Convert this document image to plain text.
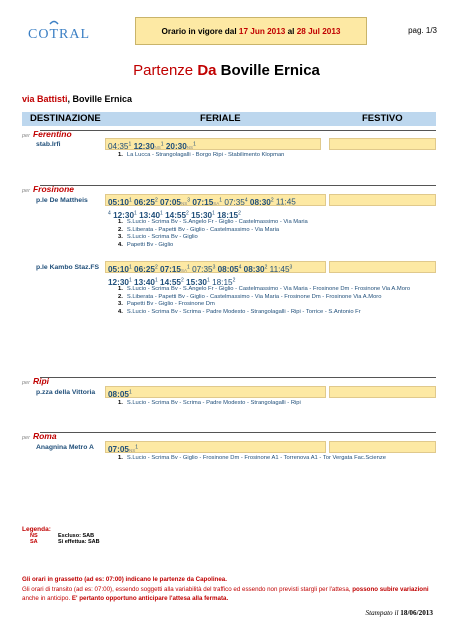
COTRAL	Orario in vigore dal
17 Jun 2013
al
28 Jul 2013	pag. 1/3
Partenze Da Boville Ernica
via Battisti, Boville Ernica
DESTINAZIONE	FERIALE	FESTIVO
per Ferentino
stab.Irfi	$04:35^1$ $12:30NS^1$ $20:30NS^1$
1. La Lucca - Strangolagalli - Borgo Ripi - Stabilimento Klopman
per Frosinone
p.le De Mattheis $05:10^1$ $06:25^2$ $07:05NS^3$ $07:15SA^1$ $07:35^4$ $08:30^2$ 11:45
$^4$ $12:30^1$ $13:40^1$ $14:55^2$ $15:30^1$ $18:15^2$
1. S.Lucio - Scrima Bv - S.Angelo Fr - Giglio - Castelmassimo - Via Maria
2. S.Liberata - Papetti Bv - Giglio - Castelmassimo - Via Maria
3. S.Lucio - Scrima Bv - Giglio
4. Papetti Bv - Giglio
p.le Kambo Staz.FS $05:10^1$ $06:25^2$ $07:15SA^1$ $07:35^3$ $08:05^4$ $08:30^2$ $11:45^3$
$12:30^1$ $13:40^1$ $14:55^2$ $15:30^1$ $18:15^2$
1. S.Lucio - Scrima Bv - S.Angelo Fr - Giglio - Castelmassimo - Via Maria - Frosinone Dm - Frosinone Via A.Moro
2. S.Liberata - Papetti Bv - Giglio - Castelmassimo - Via Maria - Frosinone Dm - Frosinone Via A.Moro
3. Papetti Bv - Giglio - Frosinone Dm
4. S.Lucio - Scrima Bv - Scrima - Padre Modesto - Strangolagalli - Ripi - Torrice - S.Antonio Fr
per Ripi
p.zza della Vittoria $08:05^1$
1. S.Lucio - Scrima Bv - Scrima - Padre Modesto - Strangolagalli - Ripi
per Roma
Anagnina Metro A $07:05NS^1$
1. S.Lucio - Scrima Bv - Giglio - Frosinone Dm - Frosinone A1 - Torrenova A1 - Tor Vergata Fac.Scienze
Legenda:
NS	Escluso: SAB
SA	Si effettua: SAB
Gli orari in grassetto (ad es: 07:00) indicano le partenze da Capolinea.
Gli orari di transito (ad es: 07:00), essendo soggetti alla variabilità del traffico ed essendo non previsti stargli per l'attesa, possono subire variazioni anche in anticipo. E' pertanto opportuno anticipare l'attesa alla fermata.
Stampato il 18/06/2013
